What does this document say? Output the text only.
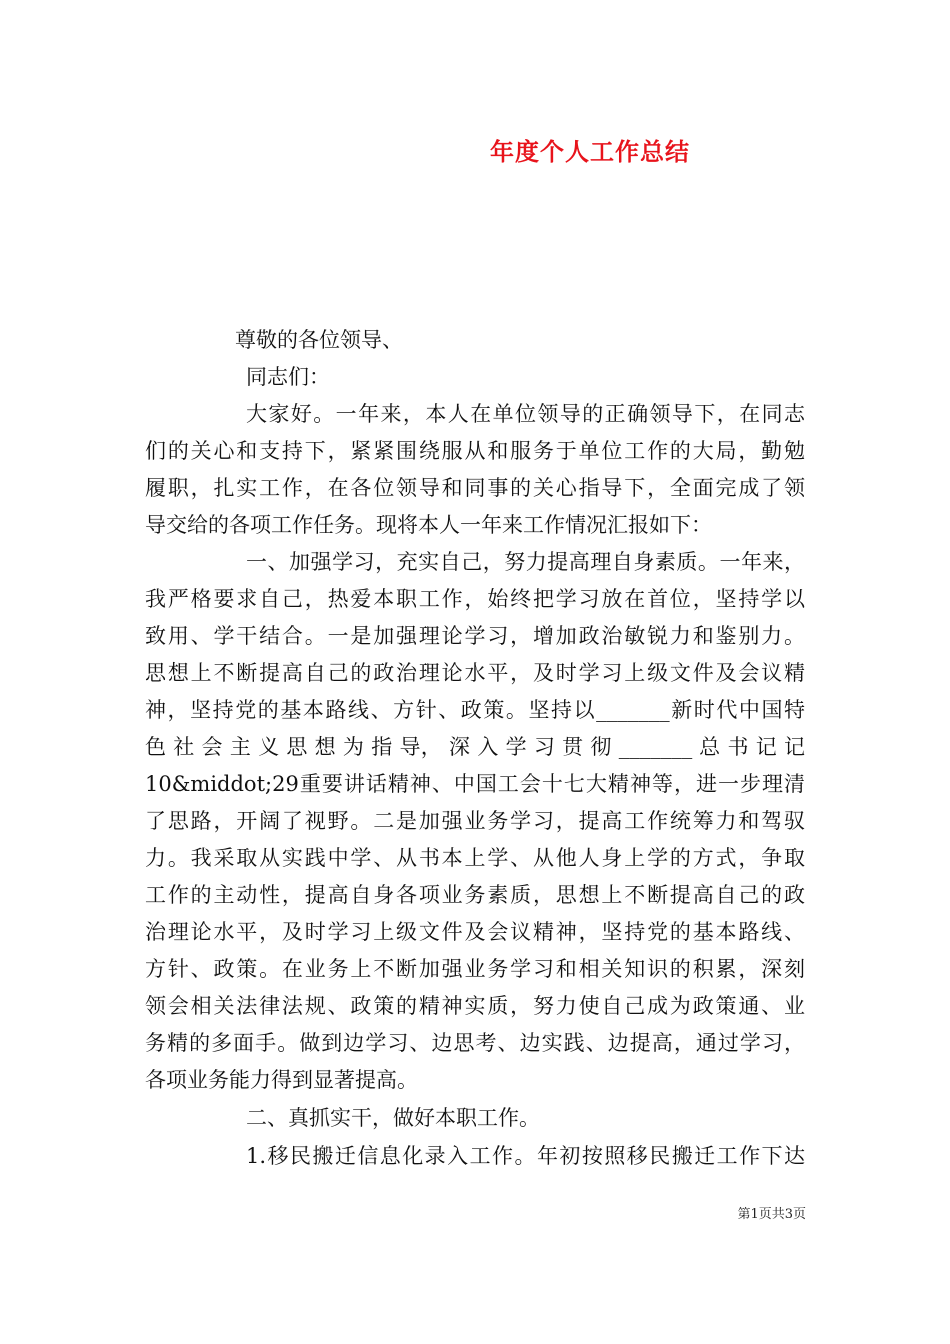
年度个人工作总结
尊敬的各位领导、
同志们：
大家好。一年来，本人在单位领导的正确领导下，在同志
们的关心和支持下，紧紧围绕服从和服务于单位工作的大局，勤勉
履职，扎实工作，在各位领导和同事的关心指导下，全面完成了领
导交给的各项工作任务。现将本人一年来工作情况汇报如下：
一、加强学习，充实自己，努力提高理自身素质。一年来，
我严格要求自己，热爱本职工作，始终把学习放在首位，坚持学以
致用、学干结合。一是加强理论学习，增加政治敏锐力和鉴别力。
思想上不断提高自己的政治理论水平，及时学习上级文件及会议精
神，坚持党的基本路线、方针、政策。坚持以_______新时代中国特
色 社 会 主 义 思 想 为 指 导， 深 入 学 习 贯 彻 _______ 总 书 记 记
10&middot;29重要讲话精神、中国工会十七大精神等，进一步理清
了思路，开阔了视野。二是加强业务学习，提高工作统筹力和驾驭
力。我采取从实践中学、从书本上学、从他人身上学的方式，争取
工作的主动性，提高自身各项业务素质，思想上不断提高自己的政
治理论水平，及时学习上级文件及会议精神，坚持党的基本路线、
方针、政策。在业务上不断加强业务学习和相关知识的积累，深刻
领会相关法律法规、政策的精神实质，努力使自己成为政策通、业
务精的多面手。做到边学习、边思考、边实践、边提高，通过学习，
各项业务能力得到显著提高。
二、真抓实干，做好本职工作。
1.移民搬迁信息化录入工作。年初按照移民搬迁工作下达
第1页共3页
